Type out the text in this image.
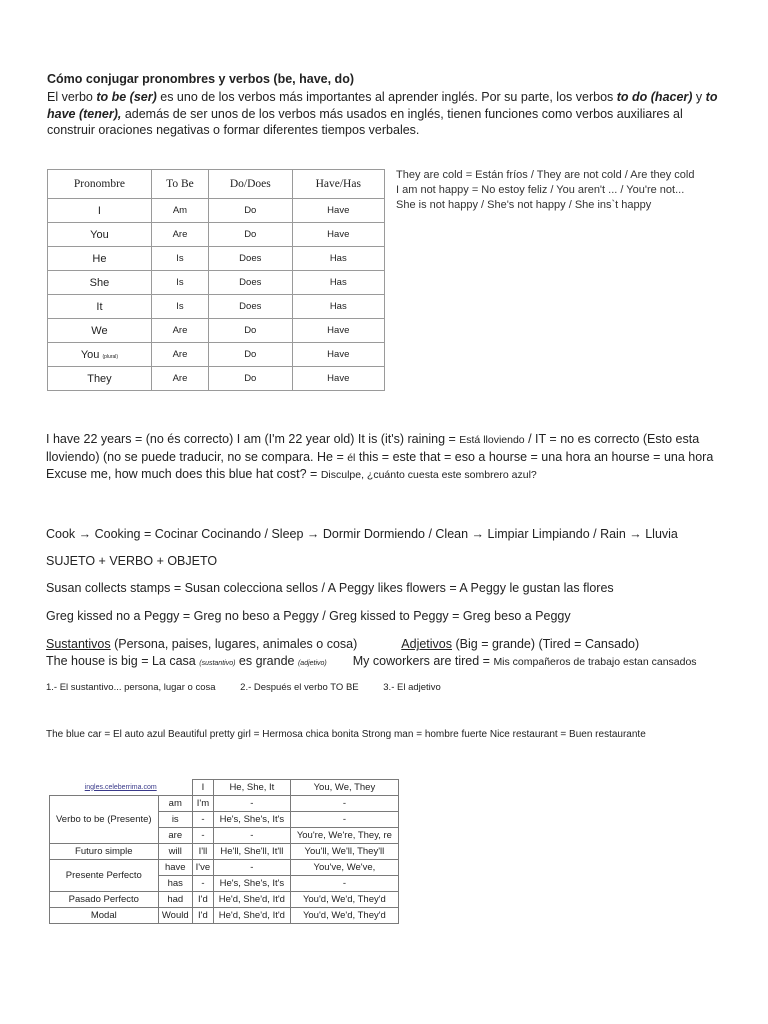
Cómo conjugar pronombres y verbos (be, have, do)
El verbo to be (ser) es uno de los verbos más importantes al aprender inglés. Por su parte, los verbos to do (hacer) y to have (tener), además de ser unos de los verbos más usados en inglés, tienen funciones como verbos auxiliares al construir oraciones negativas o formar diferentes tiempos verbales.
Pronombre	To Be	Do/Does	Have/Has
I	Am	Do	Have
You	Are	Do	Have
He	Is	Does	Has
She	Is	Does	Has
It	Is	Does	Has
We	Are	Do	Have
You (plural)	Are	Do	Have
They	Are	Do	Have
They are cold = Están fríos / They are not cold / Are they cold
I am not happy = No estoy feliz / You aren't ... / You're not...
She is not happy / She's not happy / She ins`t happy
I have 22 years = (no és correcto) I am (I'm 22 year old) It is (it's) raining = Está lloviendo / IT = no es correcto (Esto esta lloviendo) (no se puede traducir, no se compara. He = él this = este that = eso a hourse = una hora an hourse = una hora
Excuse me, how much does this blue hat cost? = Disculpe, ¿cuánto cuesta este sombrero azul?
Cook → Cooking = Cocinar Cocinando / Sleep → Dormir Dormiendo / Clean → Limpiar Limpiando / Rain → Lluvia
SUJETO + VERBO + OBJETO
Susan collects stamps = Susan colecciona sellos / A Peggy likes flowers = A Peggy le gustan las flores
Greg kissed no a Peggy = Greg no beso a Peggy / Greg kissed to Peggy = Greg beso a Peggy
Sustantivos (Persona, paises, lugares, animales o cosa)	Adjetivos (Big = grande) (Tired = Cansado)
The house is big = La casa (sustantivo) es grande (adjetivo) My coworkers are tired = Mis compañeros de trabajo estan cansados
1.- El sustantivo... persona, lugar o cosa	2.- Después el verbo TO BE	3.- El adjetivo
The blue car = El auto azul Beautiful pretty girl = Hermosa chica bonita Strong man = hombre fuerte Nice restaurant = Buen restaurante
ingles.celeberrima.com		I	He, She, It	You, We, They
Verbo to be (Presente)	am	I'm	-	-
	is	-	He's, She's, It's	-
	are	-	-	You're, We're, They, re
Futuro simple	will	I'll	He'll, She'll, It'll	You'll, We'll, They'll
Presente Perfecto	have	I've	-	You've, We've,
	has	-	He's, She's, It's	-
Pasado Perfecto	had	I'd	He'd, She'd, It'd	You'd, We'd, They'd
Modal	Would	I'd	He'd, She'd, It'd	You'd, We'd, They'd
